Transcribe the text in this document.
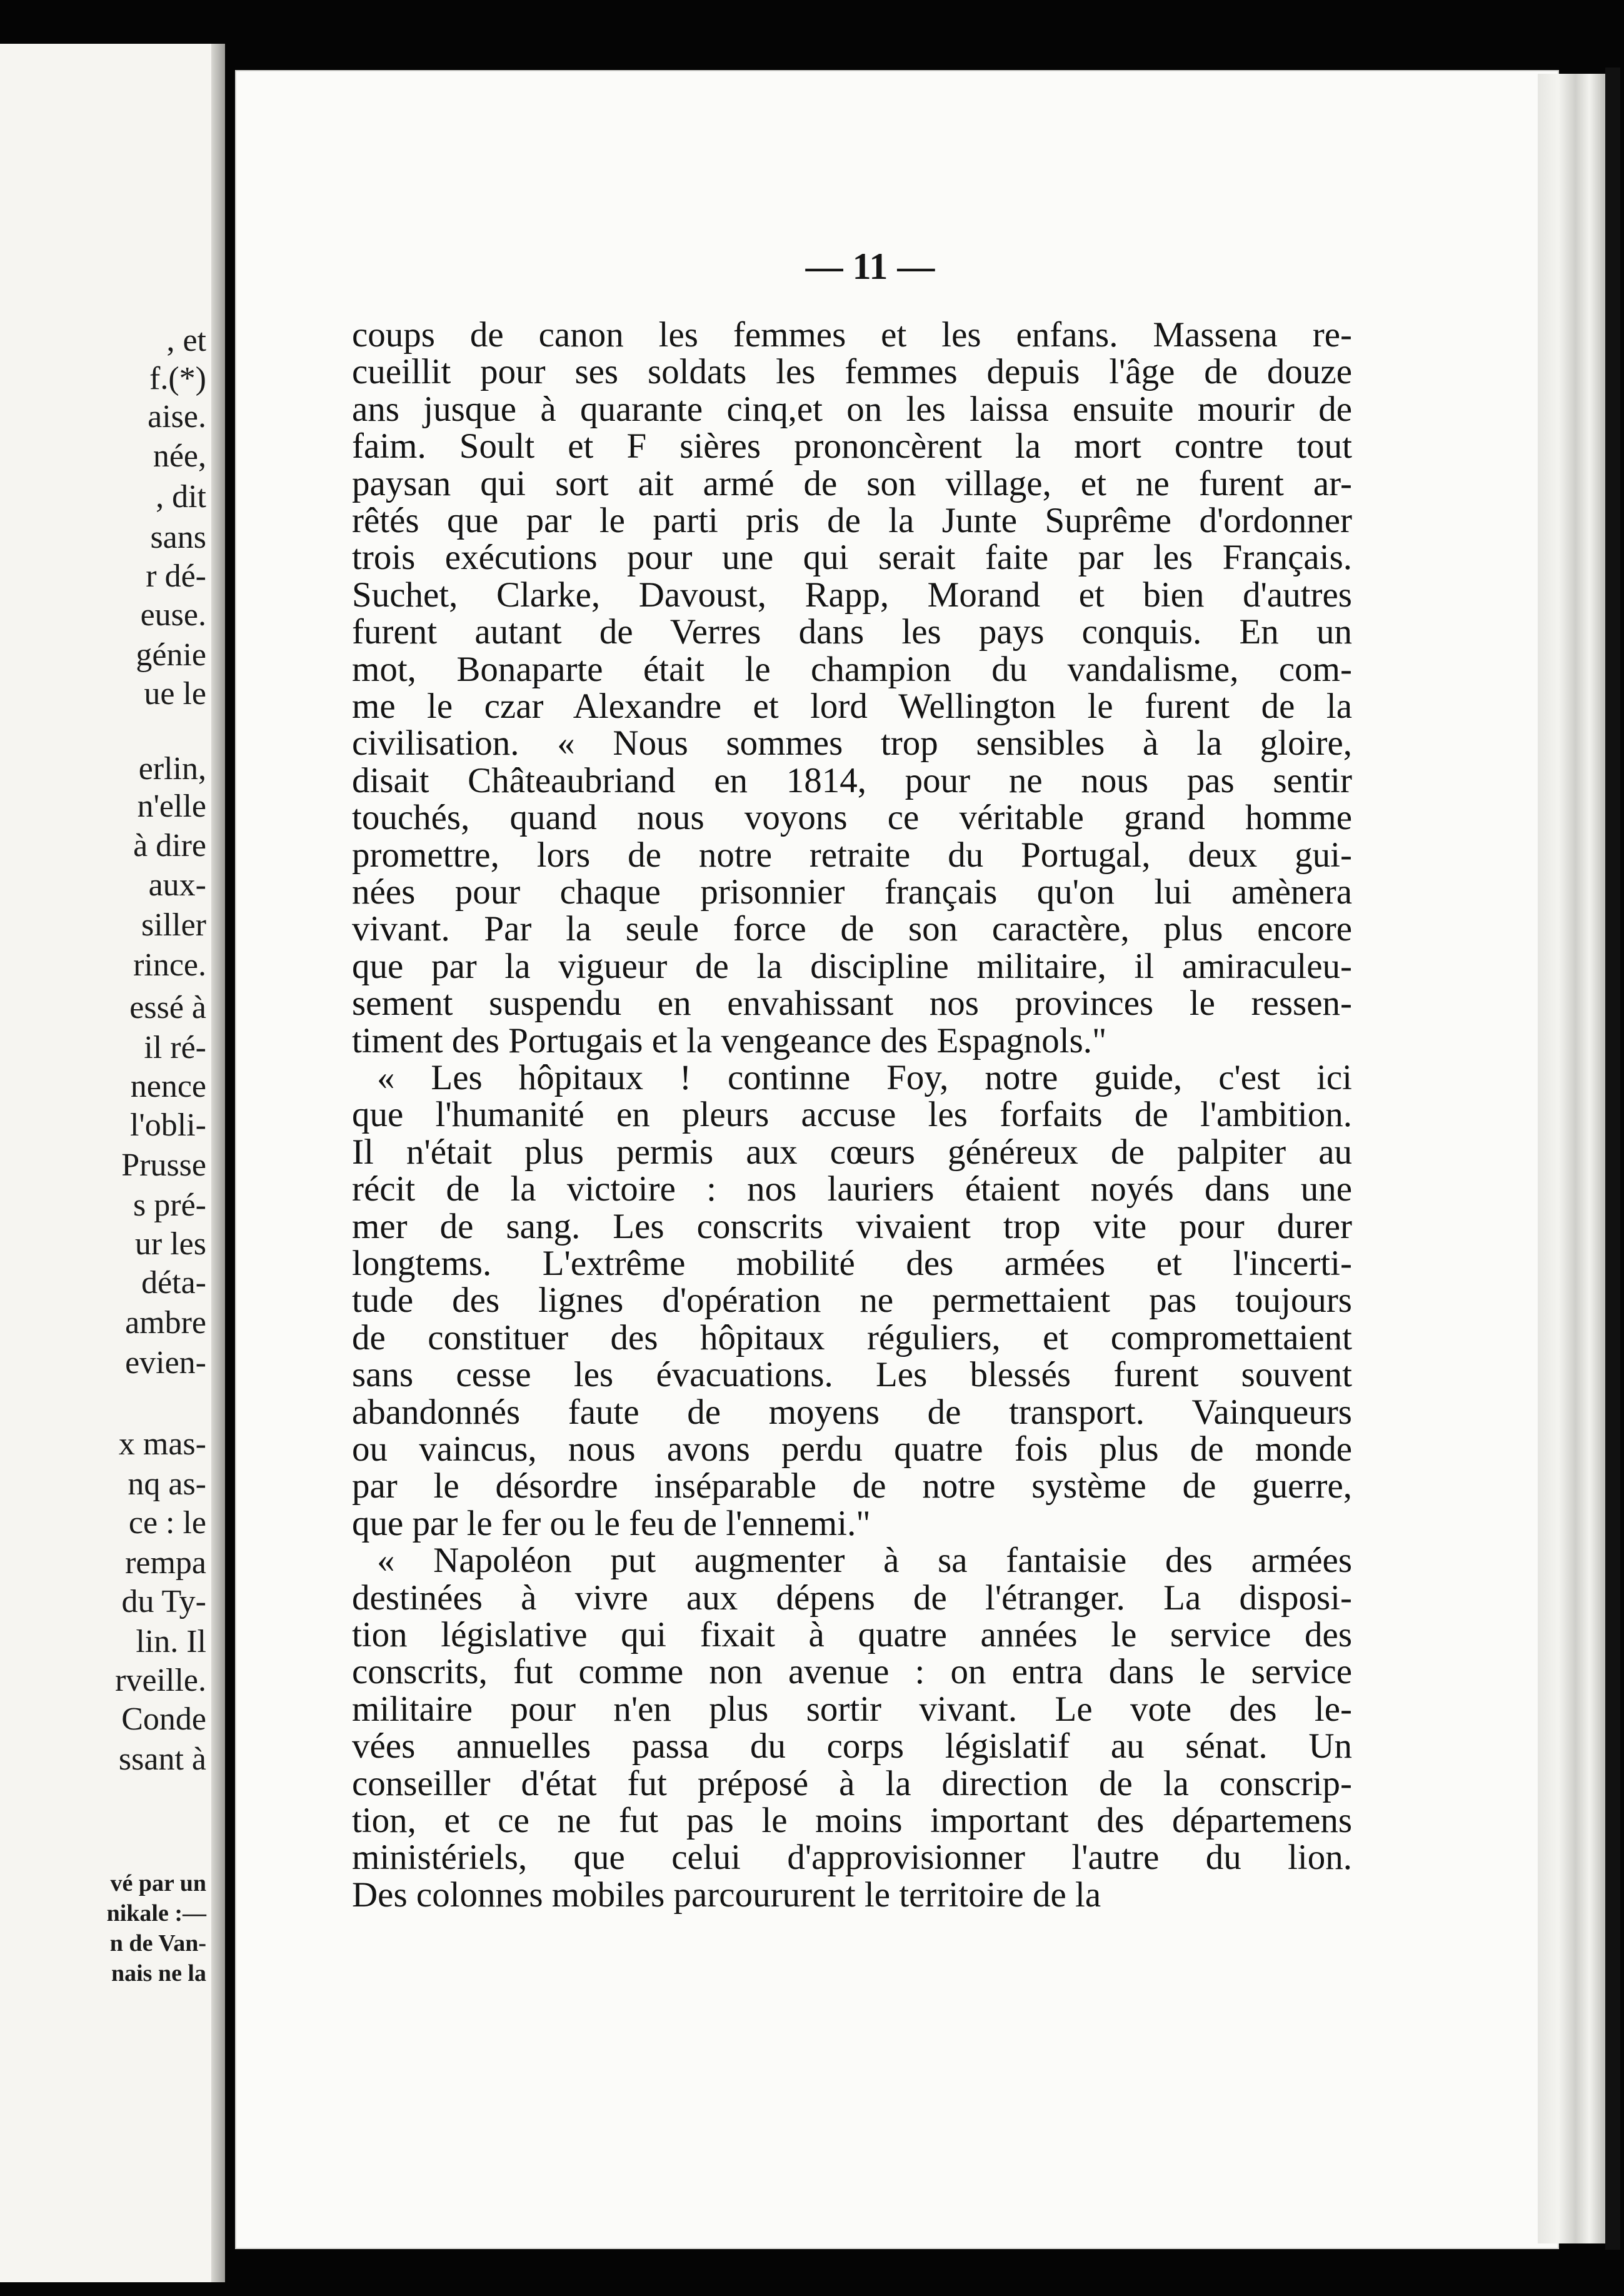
, et
f.(*)
aise.
née,
, dit
sans
r dé-
euse.
génie
ue le
erlin,
n'elle
à dire
aux-
siller
rince.
essé à
il ré-
nence
l'obli-
Prusse
s pré-
ur les
déta-
ambre
evien-
x mas-
nq as-
ce : le
rempa
du Ty-
lin. Il
rveille.
Conde
ssant à
vé par un
nikale :—
n de Van-
nais ne la
— 11 —
coups de canon les femmes et les enfans. Massena re-
cueillit pour ses soldats les femmes depuis l'âge de douze
ans jusque à quarante cinq,et on les laissa ensuite mourir de
faim. Soult et F sières prononcèrent la mort contre tout
paysan qui sort ait armé de son village, et ne furent ar-
rêtés que par le parti pris de la Junte Suprême d'ordonner
trois exécutions pour une qui serait faite par les Français.
Suchet, Clarke, Davoust, Rapp, Morand et bien d'autres
furent autant de Verres dans les pays conquis. En un
mot, Bonaparte était le champion du vandalisme, com-
me le czar Alexandre et lord Wellington le furent de la
civilisation. « Nous sommes trop sensibles à la gloire,
disait Châteaubriand en 1814, pour ne nous pas sentir
touchés, quand nous voyons ce véritable grand homme
promettre, lors de notre retraite du Portugal, deux gui-
nées pour chaque prisonnier français qu'on lui amènera
vivant. Par la seule force de son caractère, plus encore
que par la vigueur de la discipline militaire, il amiraculeu-
sement suspendu en envahissant nos provinces le ressen-
timent des Portugais et la vengeance des Espagnols."
« Les hôpitaux ! continne Foy, notre guide, c'est ici
que l'humanité en pleurs accuse les forfaits de l'ambition.
Il n'était plus permis aux cœurs généreux de palpiter au
récit de la victoire : nos lauriers étaient noyés dans une
mer de sang. Les conscrits vivaient trop vite pour durer
longtems. L'extrême mobilité des armées et l'incerti-
tude des lignes d'opération ne permettaient pas toujours
de constituer des hôpitaux réguliers, et compromettaient
sans cesse les évacuations. Les blessés furent souvent
abandonnés faute de moyens de transport. Vainqueurs
ou vaincus, nous avons perdu quatre fois plus de monde
par le désordre inséparable de notre système de guerre,
que par le fer ou le feu de l'ennemi."
« Napoléon put augmenter à sa fantaisie des armées
destinées à vivre aux dépens de l'étranger. La disposi-
tion législative qui fixait à quatre années le service des
conscrits, fut comme non avenue : on entra dans le service
militaire pour n'en plus sortir vivant. Le vote des le-
vées annuelles passa du corps législatif au sénat. Un
conseiller d'état fut préposé à la direction de la conscrip-
tion, et ce ne fut pas le moins important des départemens
ministériels, que celui d'approvisionner l'autre du lion.
Des colonnes mobiles parcoururent le territoire de la
